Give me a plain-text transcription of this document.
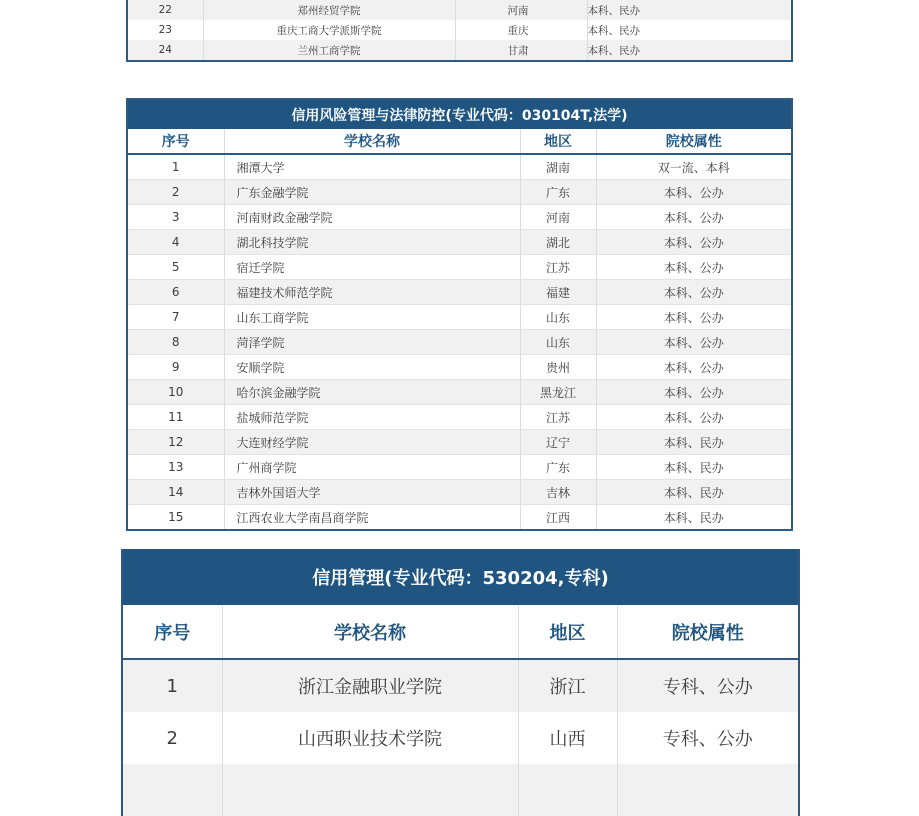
22	郑州经贸学院	河南	本科、民办
23	重庆工商大学派斯学院	重庆	本科、民办
24	兰州工商学院	甘肃	本科、民办
信用风险管理与法律防控(专业代码：030104T,法学)			
序号	学校名称	地区	院校属性
1	湘潭大学	湖南	双一流、本科
2	广东金融学院	广东	本科、公办
3	河南财政金融学院	河南	本科、公办
4	湖北科技学院	湖北	本科、公办
5	宿迁学院	江苏	本科、公办
6	福建技术师范学院	福建	本科、公办
7	山东工商学院	山东	本科、公办
8	菏泽学院	山东	本科、公办
9	安顺学院	贵州	本科、公办
10	哈尔滨金融学院	黑龙江	本科、公办
11	盐城师范学院	江苏	本科、公办
12	大连财经学院	辽宁	本科、民办
13	广州商学院	广东	本科、民办
14	吉林外国语大学	吉林	本科、民办
15	江西农业大学南昌商学院	江西	本科、民办
信用管理(专业代码：530204,专科)			
序号	学校名称	地区	院校属性
1	浙江金融职业学院	浙江	专科、公办
2	山西职业技术学院	山西	专科、公办
